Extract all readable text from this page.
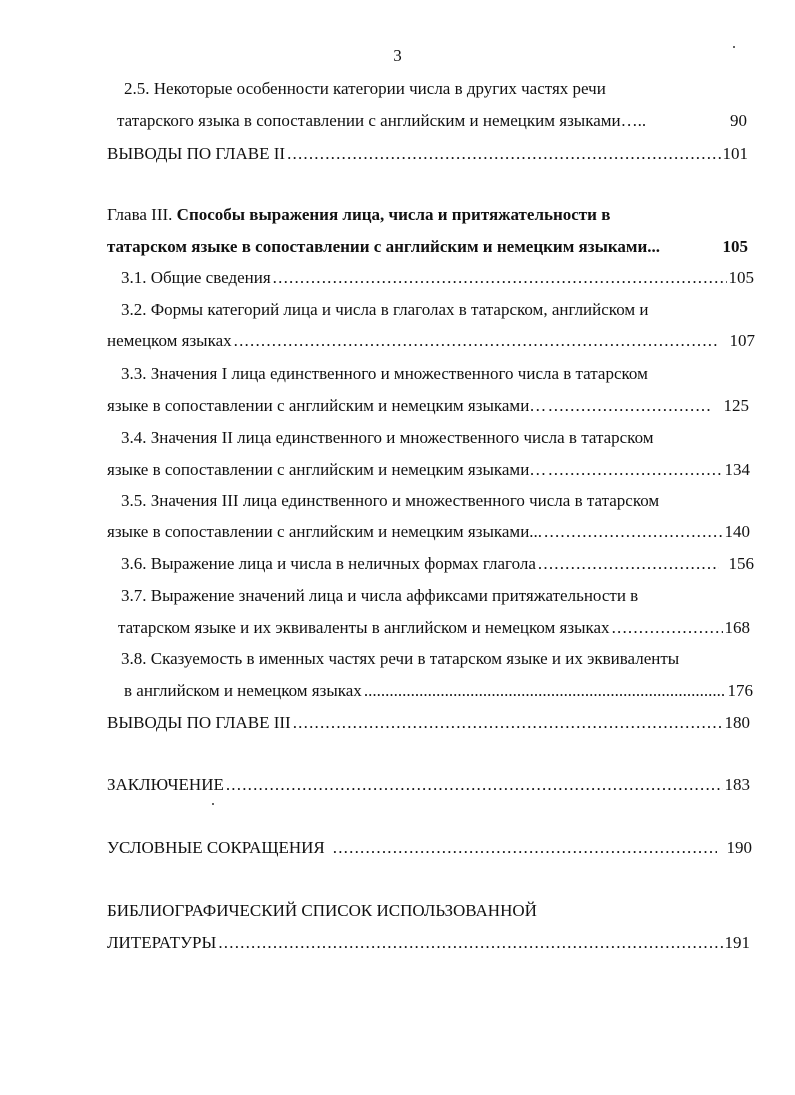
3
2.5. Некоторые особенности категории числа в других частях речи
татарского языка в сопоставлении с английским и немецким языками…..	90
ВЫВОДЫ ПО ГЛАВЕ II .....	101
Глава III. Способы выражения лица, числа и притяжательности в
татарском языке в сопоставлении с английским и немецким языками...	105
3.1. Общие сведения .....	105
3.2. Формы категорий лица и числа в глаголах в татарском, английском и
немецком языках .....	107
3.3. Значения I лица единственного и множественного числа в татарском
языке в сопоставлении с английским и немецким языками… .....	125
3.4. Значения II лица единственного и множественного числа в татарском
языке в сопоставлении с английским и немецким языками… .....	134
3.5. Значения III лица единственного и множественного числа в татарском
языке в сопоставлении с английским и немецким языками... .....	140
3.6. Выражение лица и числа в неличных формах глагола .....	156
3.7. Выражение значений лица и числа аффиксами притяжательности в
татарском языке и их эквиваленты в английском и немецком языках .....	168
3.8. Сказуемость в именных частях речи в татарском языке и их эквиваленты
в английском и немецком языках .....	176
ВЫВОДЫ ПО ГЛАВЕ III .....	180
ЗАКЛЮЧЕНИЕ .....	183
УСЛОВНЫЕ СОКРАЩЕНИЯ .....	190
БИБЛИОГРАФИЧЕСКИЙ СПИСОК ИСПОЛЬЗОВАННОЙ
ЛИТЕРАТУРЫ .....	191
